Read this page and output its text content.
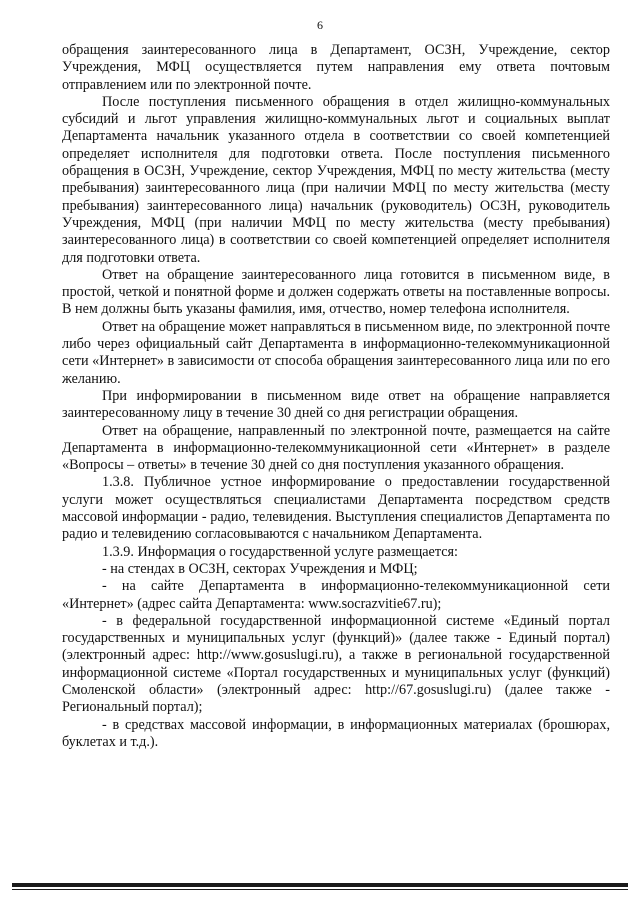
6

обращения заинтересованного лица в Департамент, ОСЗН, Учреждение, сектор Учреждения, МФЦ осуществляется путем направления ему ответа почтовым отправлением или по электронной почте.

После поступления письменного обращения в отдел жилищно-коммунальных субсидий и льгот управления жилищно-коммунальных льгот и социальных выплат Департамента начальник указанного отдела в соответствии со своей компетенцией определяет исполнителя для подготовки ответа. После поступления письменного обращения в ОСЗН, Учреждение, сектор Учреждения, МФЦ по месту жительства (месту пребывания) заинтересованного лица (при наличии МФЦ по месту жительства (месту пребывания) заинтересованного лица) начальник (руководитель) ОСЗН, руководитель Учреждения, МФЦ (при наличии МФЦ по месту жительства (месту пребывания) заинтересованного лица) в соответствии со своей компетенцией определяет исполнителя для подготовки ответа.

Ответ на обращение заинтересованного лица готовится в письменном виде, в простой, четкой и понятной форме и должен содержать ответы на поставленные вопросы. В нем должны быть указаны фамилия, имя, отчество, номер телефона исполнителя.

Ответ на обращение может направляться в письменном виде, по электронной почте либо через официальный сайт Департамента в информационно-телекоммуникационной сети «Интернет» в зависимости от способа обращения заинтересованного лица или по его желанию.

При информировании в письменном виде ответ на обращение направляется заинтересованному лицу в течение 30 дней со дня регистрации обращения.

Ответ на обращение, направленный по электронной почте, размещается на сайте Департамента в информационно-телекоммуникационной сети «Интернет» в разделе «Вопросы – ответы» в течение 30 дней со дня поступления указанного обращения.

1.3.8. Публичное устное информирование о предоставлении государственной услуги может осуществляться специалистами Департамента посредством средств массовой информации - радио, телевидения. Выступления специалистов Департамента по радио и телевидению согласовываются с начальником Департамента.

1.3.9. Информация о государственной услуге размещается:

- на стендах в ОСЗН, секторах Учреждения и МФЦ;

- на сайте Департамента в информационно-телекоммуникационной сети «Интернет» (адрес сайта Департамента: www.socrazvitie67.ru);

- в федеральной государственной информационной системе «Единый портал государственных и муниципальных услуг (функций)» (далее также - Единый портал) (электронный адрес: http://www.gosuslugi.ru), а также в региональной государственной информационной системе «Портал государственных и муниципальных услуг (функций) Смоленской области» (электронный адрес: http://67.gosuslugi.ru) (далее также - Региональный портал);

- в средствах массовой информации, в информационных материалах (брошюрах, буклетах и т.д.).
